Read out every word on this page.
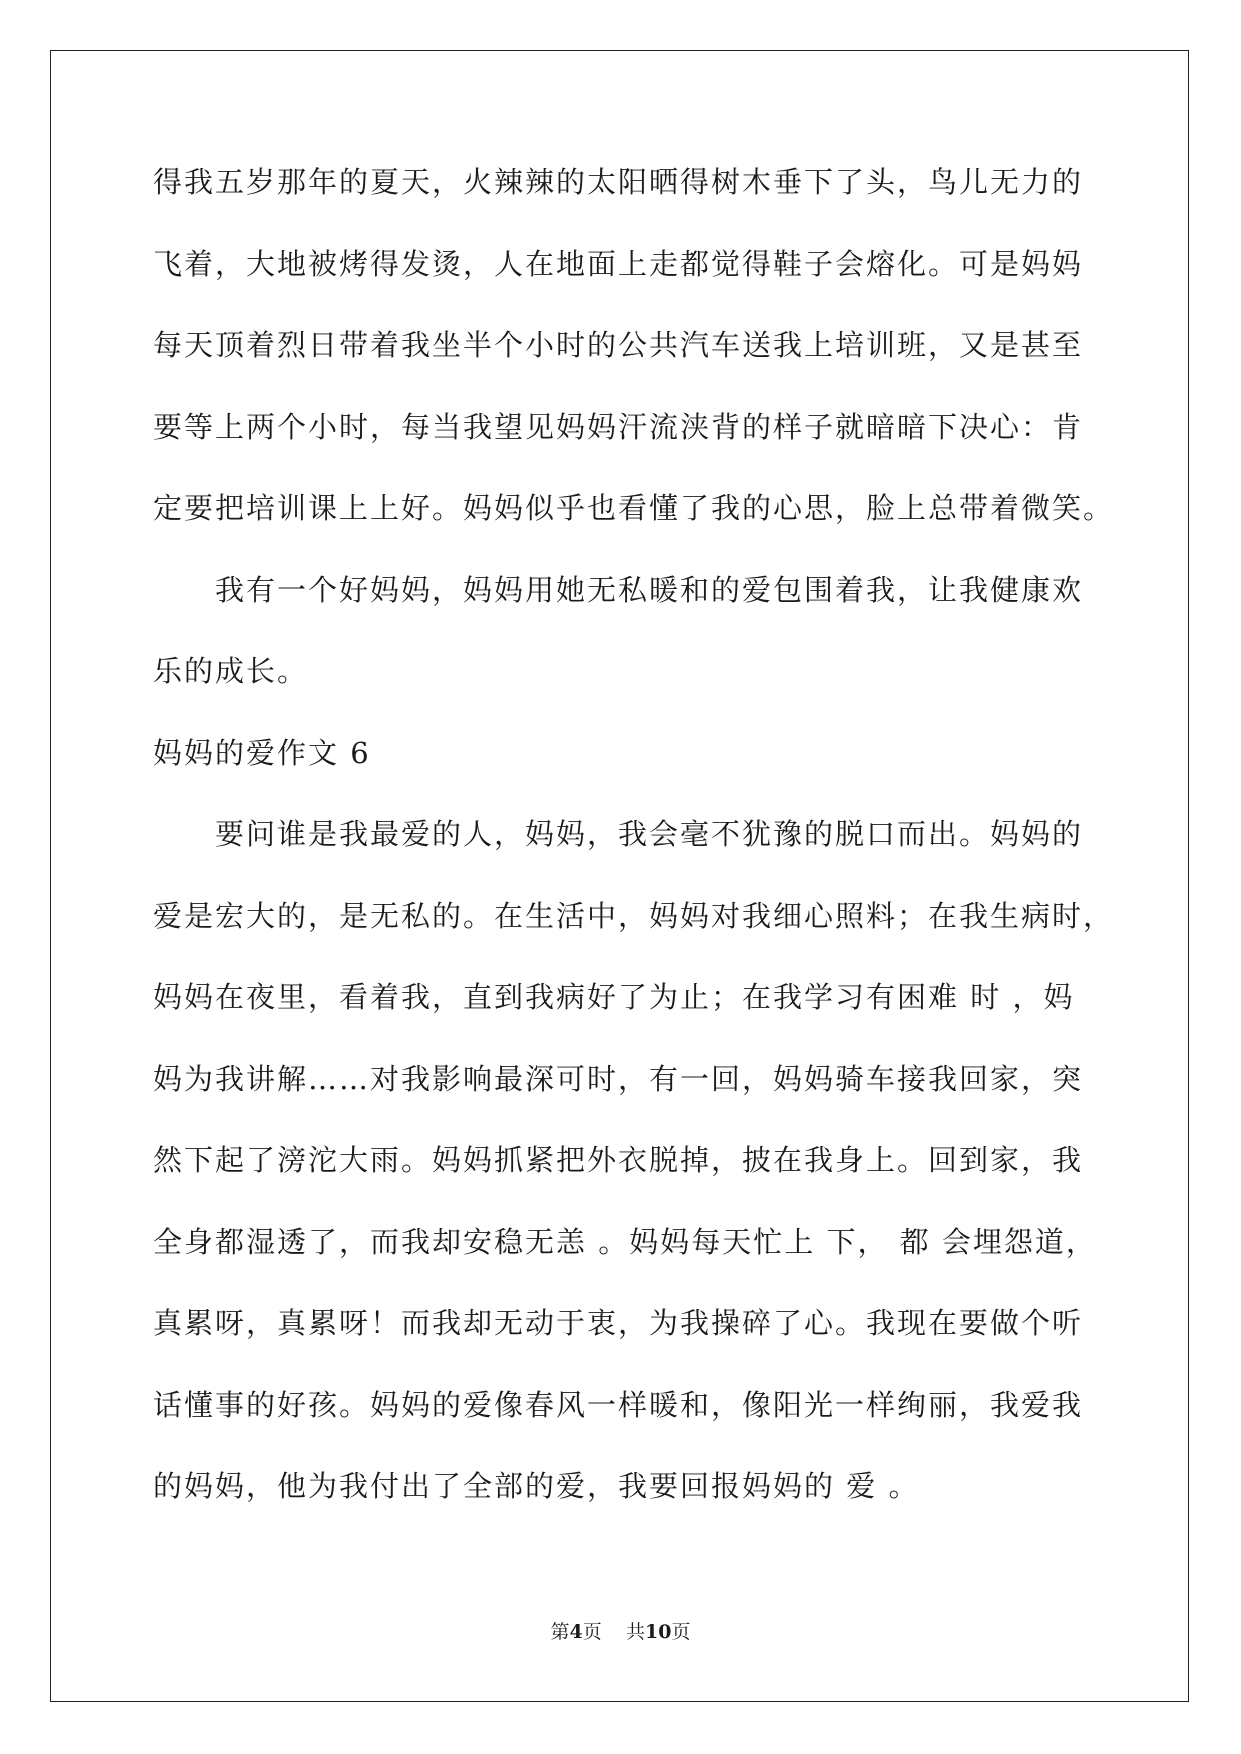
得我五岁那年的夏天，火辣辣的太阳晒得树木垂下了头，鸟儿无力的
飞着，大地被烤得发烫，人在地面上走都觉得鞋子会熔化。可是妈妈
每天顶着烈日带着我坐半个小时的公共汽车送我上培训班，又是甚至
要等上两个小时，每当我望见妈妈汗流浃背的样子就暗暗下决心：肯
定要把培训课上上好。妈妈似乎也看懂了我的心思，脸上总带着微笑。
我有一个好妈妈，妈妈用她无私暖和的爱包围着我，让我健康欢
乐的成长。
妈妈的爱作文 6
要问谁是我最爱的人，妈妈，我会毫不犹豫的脱口而出。妈妈的
爱是宏大的，是无私的。在生活中，妈妈对我细心照料；在我生病时，
妈妈在夜里，看着我，直到我病好了为止；在我学习有困难 时 ，妈
妈为我讲解……对我影响最深可时，有一回，妈妈骑车接我回家，突
然下起了滂沱大雨。妈妈抓紧把外衣脱掉，披在我身上。回到家，我
全身都湿透了，而我却安稳无恙 。妈妈每天忙上 下， 都 会埋怨道，
真累呀，真累呀！而我却无动于衷，为我操碎了心。我现在要做个听
话懂事的好孩。妈妈的爱像春风一样暖和，像阳光一样绚丽，我爱我
的妈妈，他为我付出了全部的爱，我要回报妈妈的 爱 。
第4页 共10页
